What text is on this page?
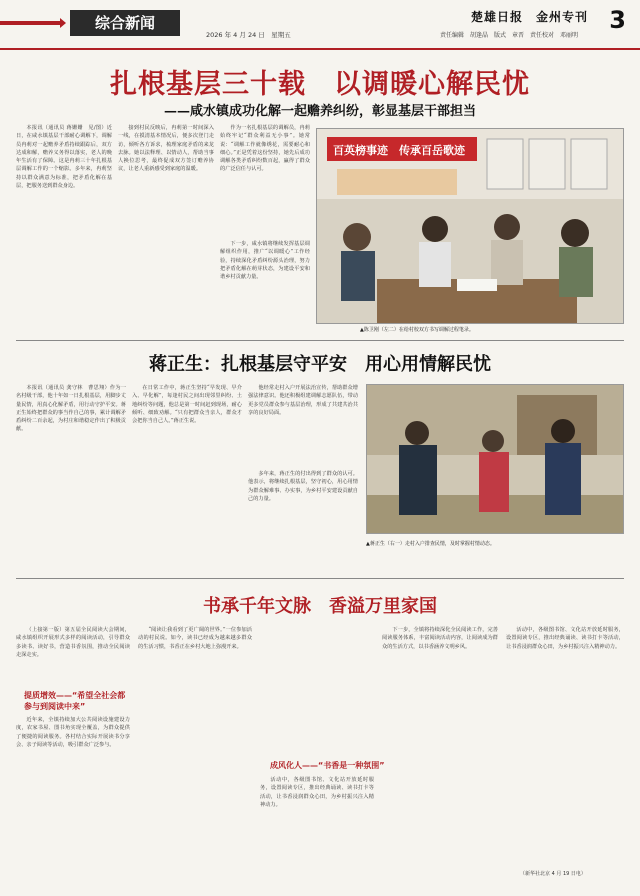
综合新闻
2026 年 4 月 24 日　星期五
楚雄日报　金州专刊
责任编辑　胡逢晶　版式　章晋　责任校对　邓丽明
3
扎根基层三十载　以调暖心解民忧
——咸水镇成功化解一起赡养纠纷，彰显基层干部担当

本报讯（通讯员 蒋姗姗　见/图）近日，在咸水镇基层干部耐心调解下，调解员冉莉对一起赡养矛盾持续跟踪后，双方达成和解，赡养义务得以落实，老人的晚年生活有了保障。这是冉莉三十年扎根基层调解工作的一个缩影。多年来，冉莉坚持以群众满意为标准，把矛盾化解在基层，把服务送到群众身边。

接到村民反映后，冉莉第一时间深入一线，在摸清基本情况后，便多次登门走访，倾听各方诉求，梳理家庭矛盾的来龙去脉。她以法释理、以情动人，帮助当事人换位思考，最终促成双方签订赡养协议，让老人重新感受到家庭的温暖。

作为一名扎根基层的调解员，冉莉始终牢记“群众利益无小事”。她常说：“调解工作就像绣花，需要耐心和细心。”正是凭着这份坚持，她先后成功调解各类矛盾纠纷数百起，赢得了群众的广泛信任与认可。

下一步，咸水镇将继续发挥基层调解组织作用，推广“以调暖心”工作经验，持续深化矛盾纠纷源头治理，努力把矛盾化解在萌芽状态，为建设平安和谐乡村贡献力量。

百英榜事迹　传承百岳歌迹
▲陈卫刚（左二）在给村校双方书写调解过程笔录。
蒋正生：扎根基层守平安　用心用情解民忧

本报讯（通讯员 龚守林　曹思翔）作为一名村级干部，他十年如一日扎根基层，用脚步丈量民情，用真心化解矛盾，用行动守护平安。蒋正生始终把群众的事当作自己的事，累计调解矛盾纠纷二百余起，为村庄和谐稳定作出了积极贡献。

在日常工作中，蒋正生坚持“早发现、早介入、早化解”，每逢村民之间出现邻里纠纷、土地纠纷等问题，他总是第一时间赶到现场，耐心倾听、细致劝解。“只有把群众当亲人，群众才会把你当自己人。”蒋正生说。

他经常走村入户开展法治宣传，帮助群众增强法律意识。他还积极组建调解志愿队伍，带动更多党员群众参与基层治理，形成了共建共治共享的良好局面。

多年来，蒋正生的付出得到了群众的认可。他表示，将继续扎根基层，坚守初心，用心用情为群众解难事、办实事，为乡村平安建设贡献自己的力量。

▲蒋正生（右一）走村入户排查民情，及时掌握村情动态。
书承千年文脉　香溢万里家国

（上接第一版）第五届全民阅读大会期间，咸水镇组织开展形式多样的阅读活动，引导群众多读书、读好书，营造书香氛围，推动全民阅读走深走实。

提质增效——“希望全社会都参与到阅读中来”

近年来，全镇持续加大公共阅读设施建设力度，农家书屋、图书角实现全覆盖，为群众提供了便捷的阅读服务。各村结合实际开展读书分享会、亲子阅读等活动，吸引群众广泛参与。

“阅读让我看到了更广阔的世界。”一位参加活动的村民说。如今，读书已经成为越来越多群众的生活习惯，书香正在乡村大地上弥漫开来。

成风化人——“书香是一种氛围”

活动中，各级图书馆、文化站开放延时服务，设置阅读专区，推出经典诵读、读书打卡等活动，让书香浸润群众心田，为乡村振兴注入精神动力。

下一步，全镇将持续深化全民阅读工作，完善阅读服务体系，丰富阅读活动内容，让阅读成为群众的生活方式，以书香涵养文明乡风。

活动中，各级图书馆、文化站开放延时服务，设置阅读专区，推出经典诵读、读书打卡等活动，让书香浸润群众心田，为乡村振兴注入精神动力。

（新华社北京 4 月 19 日电）
